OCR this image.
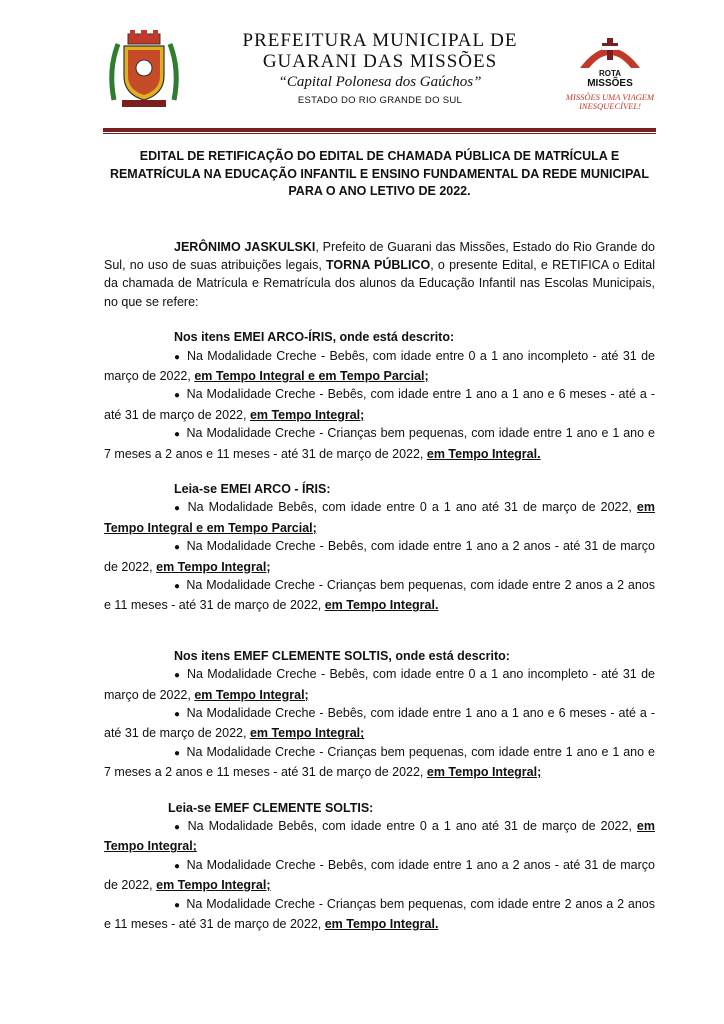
PREFEITURA MUNICIPAL DE
GUARANI DAS MISSÕES
“Capital Polonesa dos Gaúchos”
ESTADO DO RIO GRANDE DO SUL
ROTA
MISSÕES
MISSÕES UMA VIAGEM
INESQUECÍVEL!
EDITAL DE RETIFICAÇÃO DO EDITAL DE CHAMADA PÚBLICA DE MATRÍCULA E REMATRÍCULA NA EDUCAÇÃO INFANTIL E ENSINO FUNDAMENTAL DA REDE MUNICIPAL PARA O ANO LETIVO DE 2022.
JERÔNIMO JASKULSKI, Prefeito de Guarani das Missões, Estado do Rio Grande do Sul, no uso de suas atribuições legais, TORNA PÚBLICO, o presente Edital, e RETIFICA o Edital da chamada de Matrícula e Rematrícula dos alunos da Educação Infantil nas Escolas Municipais, no que se refere:
Nos itens EMEI ARCO-ÍRIS, onde está descrito:
● Na Modalidade Creche - Bebês, com idade entre 0 a 1 ano incompleto - até 31 de março de 2022, em Tempo Integral e em Tempo Parcial;
● Na Modalidade Creche - Bebês, com idade entre 1 ano a 1 ano e 6 meses - até a - até 31 de março de 2022, em Tempo Integral;
● Na Modalidade Creche - Crianças bem pequenas, com idade entre 1 ano e 1 ano e 7 meses a 2 anos e 11 meses - até 31 de março de 2022, em Tempo Integral.
Leia-se EMEI ARCO - ÍRIS:
● Na Modalidade Bebês, com idade entre 0 a 1 ano até 31 de março de 2022, em Tempo Integral e em Tempo Parcial;
● Na Modalidade Creche - Bebês, com idade entre 1 ano a 2 anos - até 31 de março de 2022, em Tempo Integral;
● Na Modalidade Creche - Crianças bem pequenas, com idade entre 2 anos a 2 anos e 11 meses - até 31 de março de 2022, em Tempo Integral.
Nos itens EMEF CLEMENTE SOLTIS, onde está descrito:
● Na Modalidade Creche - Bebês, com idade entre 0 a 1 ano incompleto - até 31 de março de 2022, em Tempo Integral;
● Na Modalidade Creche - Bebês, com idade entre 1 ano a 1 ano e 6 meses - até a - até 31 de março de 2022, em Tempo Integral;
● Na Modalidade Creche - Crianças bem pequenas, com idade entre 1 ano e 1 ano e 7 meses a 2 anos e 11 meses - até 31 de março de 2022, em Tempo Integral;
Leia-se EMEF CLEMENTE SOLTIS:
● Na Modalidade Bebês, com idade entre 0 a 1 ano até 31 de março de 2022, em Tempo Integral;
● Na Modalidade Creche - Bebês, com idade entre 1 ano a 2 anos - até 31 de março de 2022, em Tempo Integral;
● Na Modalidade Creche - Crianças bem pequenas, com idade entre 2 anos a 2 anos e 11 meses - até 31 de março de 2022, em Tempo Integral.
